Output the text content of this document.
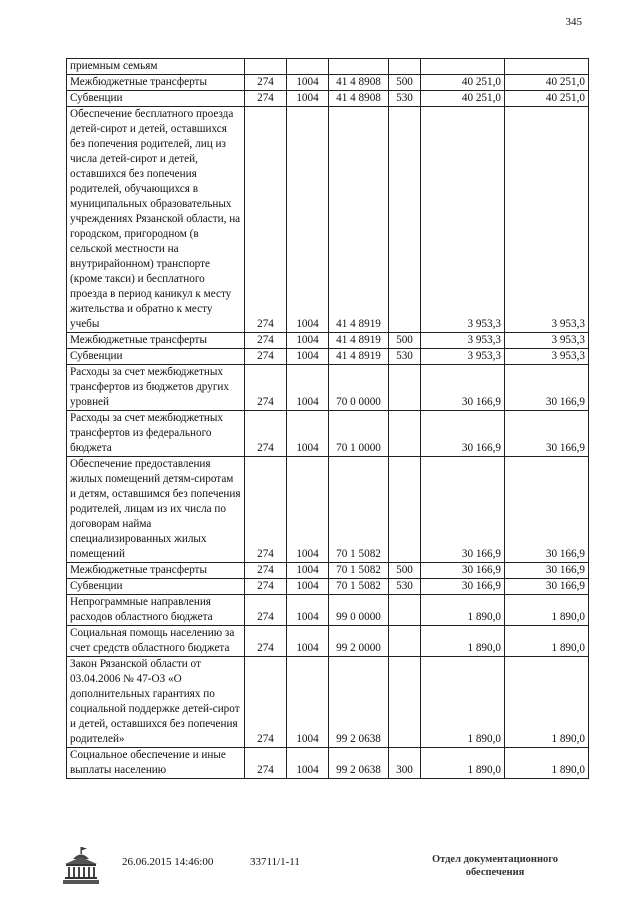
345
приемным семьям						
Межбюджетные трансферты	274	1004	41 4 8908	500	40 251,0	40 251,0
Субвенции	274	1004	41 4 8908	530	40 251,0	40 251,0
Обеспечение бесплатного проезда детей-сирот и детей, оставшихся без попечения родителей, лиц из числа детей-сирот и детей, оставшихся без попечения родителей, обучающихся в муниципальных образовательных учреждениях Рязанской области, на городском, пригородном (в сельской местности на внутрирайонном) транспорте (кроме такси) и бесплатного проезда в период каникул к месту жительства и обратно к месту учебы	274	1004	41 4 8919		3 953,3	3 953,3
Межбюджетные трансферты	274	1004	41 4 8919	500	3 953,3	3 953,3
Субвенции	274	1004	41 4 8919	530	3 953,3	3 953,3
Расходы за счет межбюджетных трансфертов из бюджетов других уровней	274	1004	70 0 0000		30 166,9	30 166,9
Расходы за счет межбюджетных трансфертов из федерального бюджета	274	1004	70 1 0000		30 166,9	30 166,9
Обеспечение предоставления жилых помещений детям-сиротам и детям, оставшимся без попечения родителей, лицам из их числа по договорам найма специализированных жилых помещений	274	1004	70 1 5082		30 166,9	30 166,9
Межбюджетные трансферты	274	1004	70 1 5082	500	30 166,9	30 166,9
Субвенции	274	1004	70 1 5082	530	30 166,9	30 166,9
Непрограммные направления расходов областного бюджета	274	1004	99 0 0000		1 890,0	1 890,0
Социальная помощь населению за счет средств областного бюджета	274	1004	99 2 0000		1 890,0	1 890,0
Закон Рязанской области от 03.04.2006 № 47-ОЗ «О дополнительных гарантиях по социальной поддержке детей-сирот и детей, оставшихся без попечения родителей»	274	1004	99 2 0638		1 890,0	1 890,0
Социальное обеспечение и иные выплаты населению	274	1004	99 2 0638	300	1 890,0	1 890,0
26.06.2015 14:46:00	33711/1-11	Отдел документационного
обеспечения
